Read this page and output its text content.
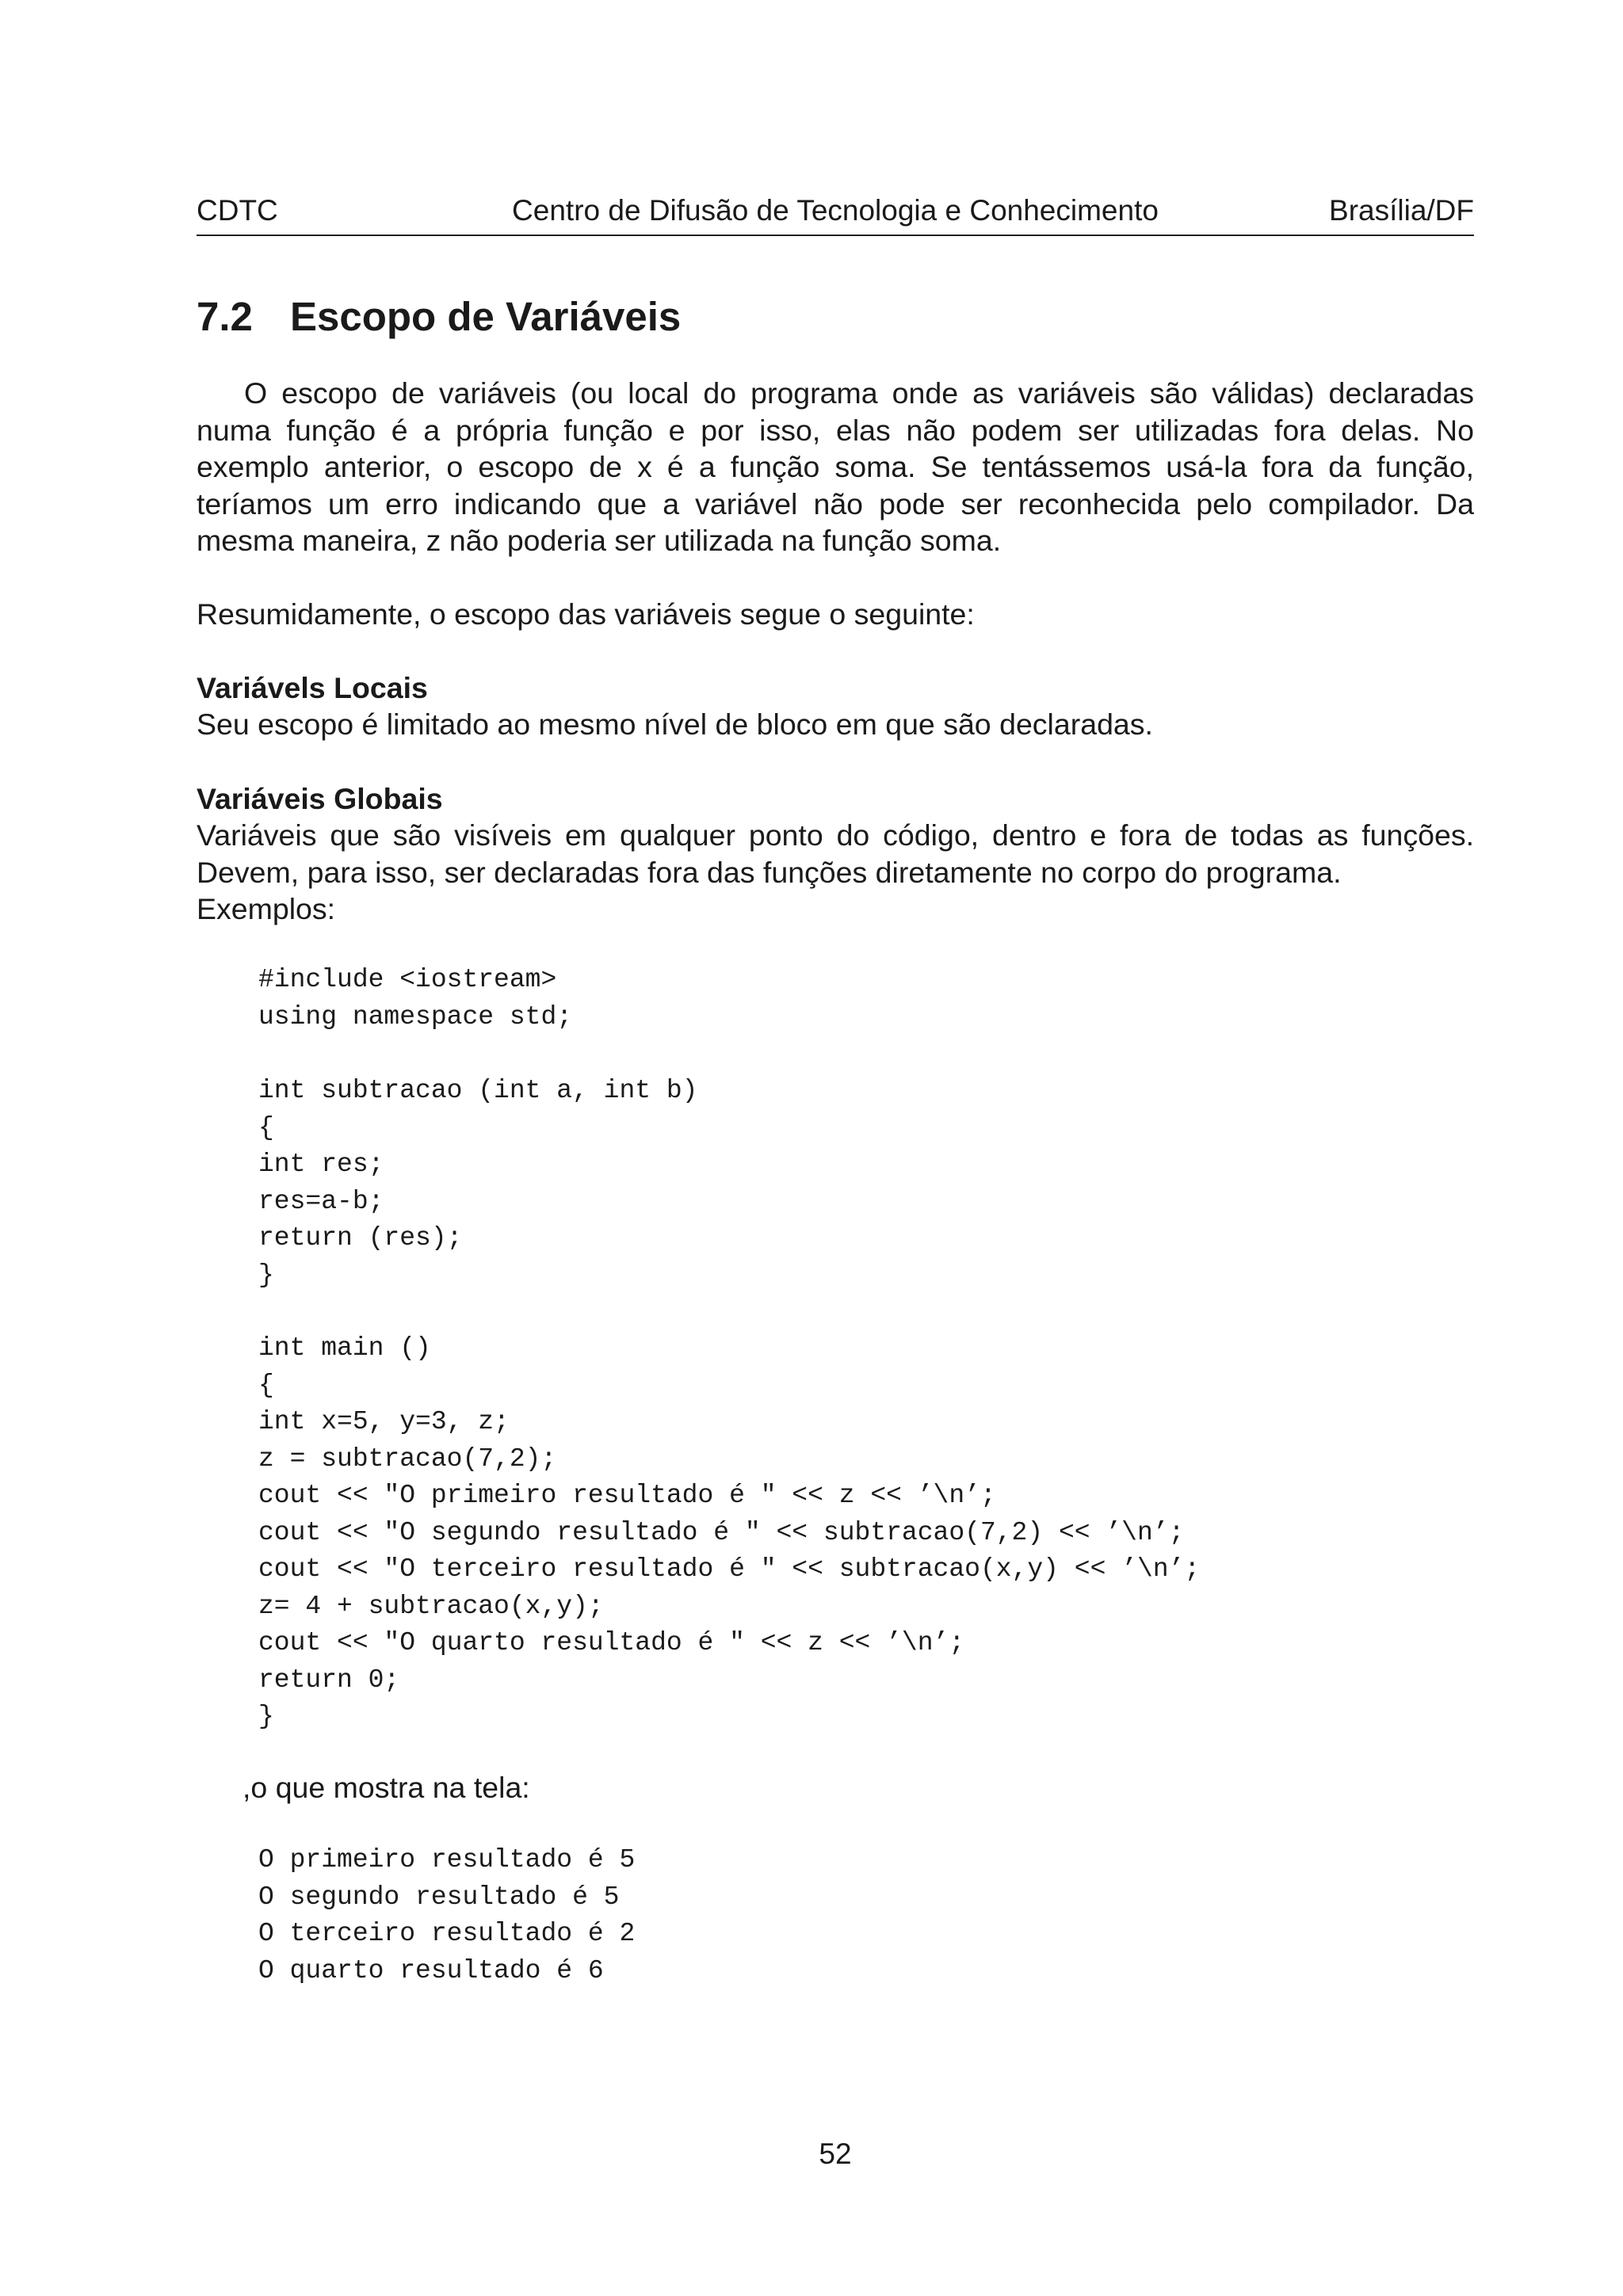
CDTC	Centro de Difusão de Tecnologia e Conhecimento	Brasília/DF
7.2 Escopo de Variáveis

O escopo de variáveis (ou local do programa onde as variáveis são válidas) declaradas numa função é a própria função e por isso, elas não podem ser utilizadas fora delas. No exemplo anterior, o escopo de x é a função soma. Se tentássemos usá-la fora da função, teríamos um erro indicando que a variável não pode ser reconhecida pelo compilador. Da mesma maneira, z não poderia ser utilizada na função soma.

Resumidamente, o escopo das variáveis segue o seguinte:

Variávels Locais

Seu escopo é limitado ao mesmo nível de bloco em que são declaradas.

Variáveis Globais

Variáveis que são visíveis em qualquer ponto do código, dentro e fora de todas as funções. Devem, para isso, ser declaradas fora das funções diretamente no corpo do programa.

Exemplos:

#include <iostream>
using namespace std;
int subtracao (int a, int b)
{
int res;
res=a-b;
return (res);
}
int main ()
{
int x=5, y=3, z;
z = subtracao(7,2);
cout << "O primeiro resultado é " << z << ’\n’;
cout << "O segundo resultado é " << subtracao(7,2) << ’\n’;
cout << "O terceiro resultado é " << subtracao(x,y) << ’\n’;
z= 4 + subtracao(x,y);
cout << "O quarto resultado é " << z << ’\n’;
return 0;
}

,o que mostra na tela:

O primeiro resultado é 5
O segundo resultado é 5
O terceiro resultado é 2
O quarto resultado é 6
52
